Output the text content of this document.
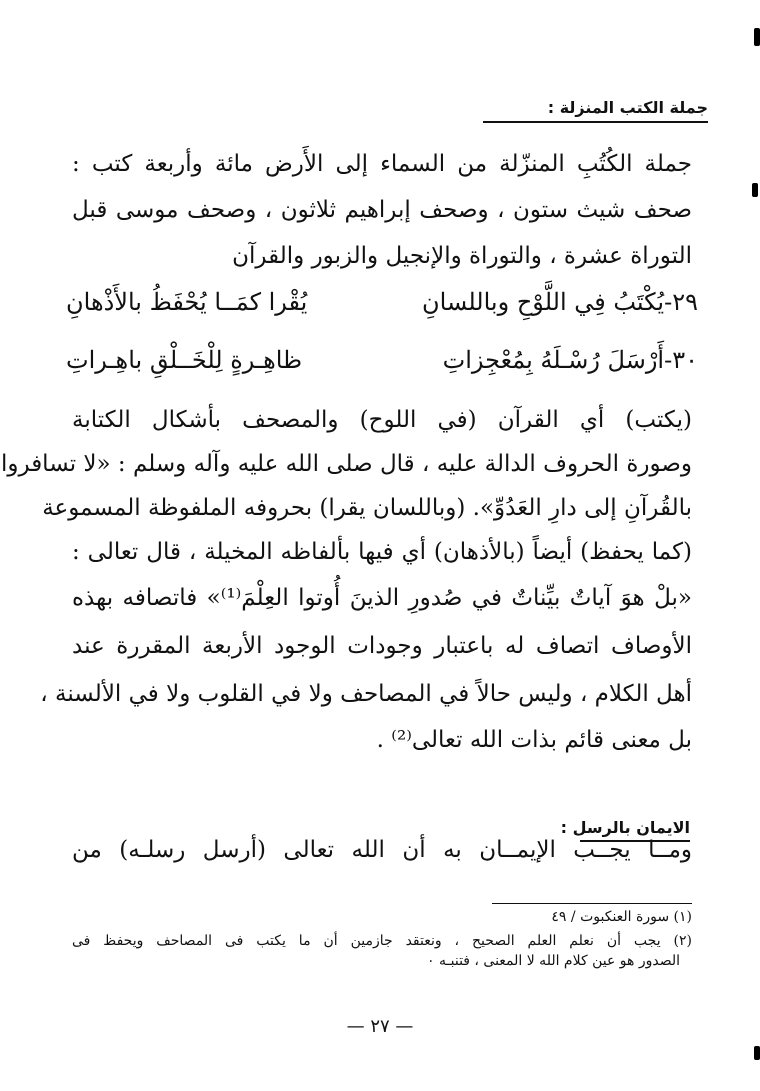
جملة الكتب المنزلة :
جملة الكُتُبِ المنزّلة من السماء إلى الأَرض مائة وأربعة كتب :
صحف شيث ستون ، وصحف إبراهيم ثلاثون ، وصحف موسى قبل
التوراة عشرة ، والتوراة والإنجيل والزبور والقرآن
٢٩-يُكْتَبُ فِي اللَّوْحِ وباللسانِ
يُقْرا كمَــا يُحْفَظُ بالأَذْهانِ
٣٠-أَرْسَلَ رُسْـلَهُ بِمُعْجِزاتِ
ظاهِـرةٍ لِلْخَــلْقِ باهِـراتِ
(يكتب) أي القرآن (في اللوح) والمصحف بأشكال الكتابة
وصورة الحروف الدالة عليه ، قال صلى الله عليه وآله وسلم : «لا تسافروا
بالقُرآنِ إلى دارِ العَدُوِّ». (وباللسان يقرا) بحروفه الملفوظة المسموعة
(كما يحفظ) أيضاً (بالأذهان) أي فيها بألفاظه المخيلة ، قال تعالى :
«بلْ هوَ آياتٌ بيِّناتٌ في صُدورِ الذينَ أُوتوا العِلْمَ⁽¹⁾» فاتصافه بهذه
الأوصاف اتصاف له باعتبار وجودات الوجود الأربعة المقررة عند
أهل الكلام ، وليس حالاً في المصاحف ولا في القلوب ولا في الألسنة ،
بل معنى قائم بذات الله تعالى⁽²⁾ .
الايمان بالرسل :
ومــا يجــب الإيمــان به أن الله تعالى (أرسل رسلـه) من
(١) سورة العنكبوت / ٤٩
(٢) يجب أن نعلم العلم الصحيح ، ونعتقد جازمين أن ما يكتب فى المصاحف ويحفظ فى
الصدور هو عين كلام الله لا المعنى ، فتنبـه ٠
— ٢٧ —
